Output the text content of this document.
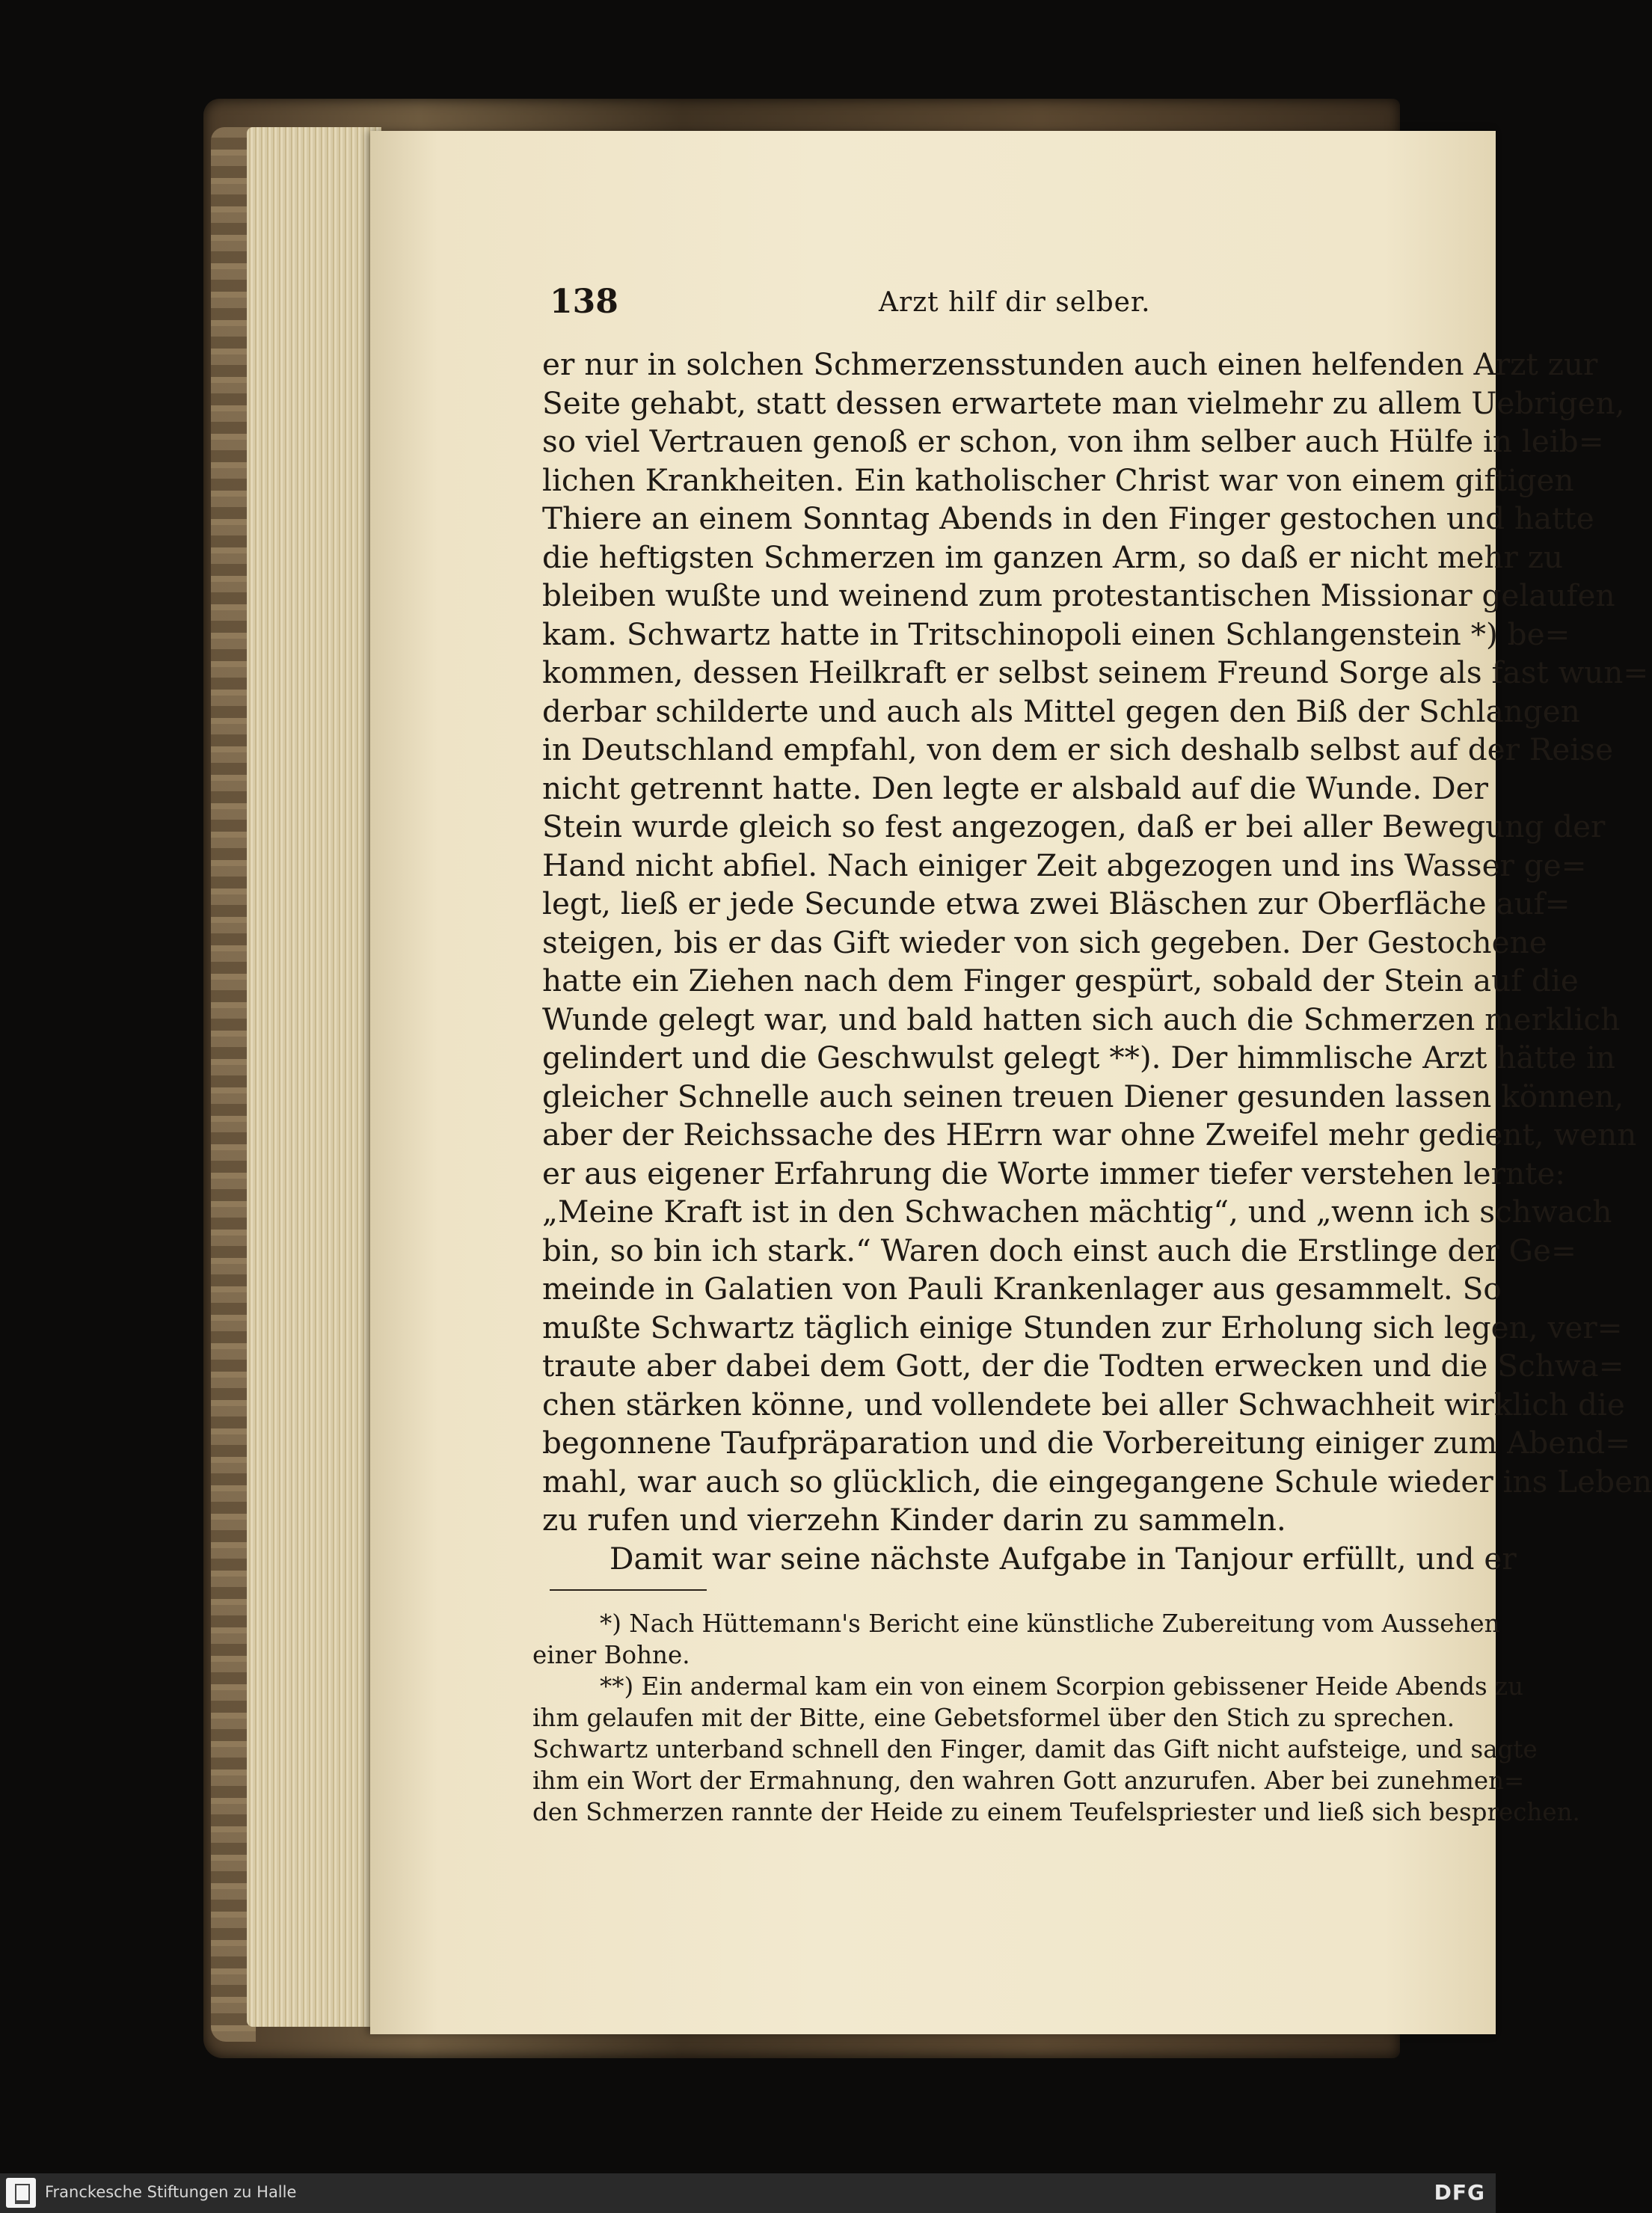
138	Arzt hilf dir selber.
er nur in solchen Schmerzensstunden auch einen helfenden Arzt zur
Seite gehabt, statt dessen erwartete man vielmehr zu allem Uebrigen,
so viel Vertrauen genoß er schon, von ihm selber auch Hülfe in leib=
lichen Krankheiten. Ein katholischer Christ war von einem giftigen
Thiere an einem Sonntag Abends in den Finger gestochen und hatte
die heftigsten Schmerzen im ganzen Arm, so daß er nicht mehr zu
bleiben wußte und weinend zum protestantischen Missionar gelaufen
kam. Schwartz hatte in Tritschinopoli einen Schlangenstein *) be=
kommen, dessen Heilkraft er selbst seinem Freund Sorge als fast wun=
derbar schilderte und auch als Mittel gegen den Biß der Schlangen
in Deutschland empfahl, von dem er sich deshalb selbst auf der Reise
nicht getrennt hatte. Den legte er alsbald auf die Wunde. Der
Stein wurde gleich so fest angezogen, daß er bei aller Bewegung der
Hand nicht abfiel. Nach einiger Zeit abgezogen und ins Wasser ge=
legt, ließ er jede Secunde etwa zwei Bläschen zur Oberfläche auf=
steigen, bis er das Gift wieder von sich gegeben. Der Gestochene
hatte ein Ziehen nach dem Finger gespürt, sobald der Stein auf die
Wunde gelegt war, und bald hatten sich auch die Schmerzen merklich
gelindert und die Geschwulst gelegt **). Der himmlische Arzt hätte in
gleicher Schnelle auch seinen treuen Diener gesunden lassen können,
aber der Reichssache des HErrn war ohne Zweifel mehr gedient, wenn
er aus eigener Erfahrung die Worte immer tiefer verstehen lernte:
„Meine Kraft ist in den Schwachen mächtig“, und „wenn ich schwach
bin, so bin ich stark.“ Waren doch einst auch die Erstlinge der Ge=
meinde in Galatien von Pauli Krankenlager aus gesammelt. So
mußte Schwartz täglich einige Stunden zur Erholung sich legen, ver=
traute aber dabei dem Gott, der die Todten erwecken und die Schwa=
chen stärken könne, und vollendete bei aller Schwachheit wirklich die
begonnene Taufpräparation und die Vorbereitung einiger zum Abend=
mahl, war auch so glücklich, die eingegangene Schule wieder ins Leben
zu rufen und vierzehn Kinder darin zu sammeln.
Damit war seine nächste Aufgabe in Tanjour erfüllt, und er
*) Nach Hüttemann's Bericht eine künstliche Zubereitung vom Aussehen
einer Bohne.
**) Ein andermal kam ein von einem Scorpion gebissener Heide Abends zu
ihm gelaufen mit der Bitte, eine Gebetsformel über den Stich zu sprechen.
Schwartz unterband schnell den Finger, damit das Gift nicht aufsteige, und sagte
ihm ein Wort der Ermahnung, den wahren Gott anzurufen. Aber bei zunehmen=
den Schmerzen rannte der Heide zu einem Teufelspriester und ließ sich besprechen.
Franckesche Stiftungen zu Halle	DFG
